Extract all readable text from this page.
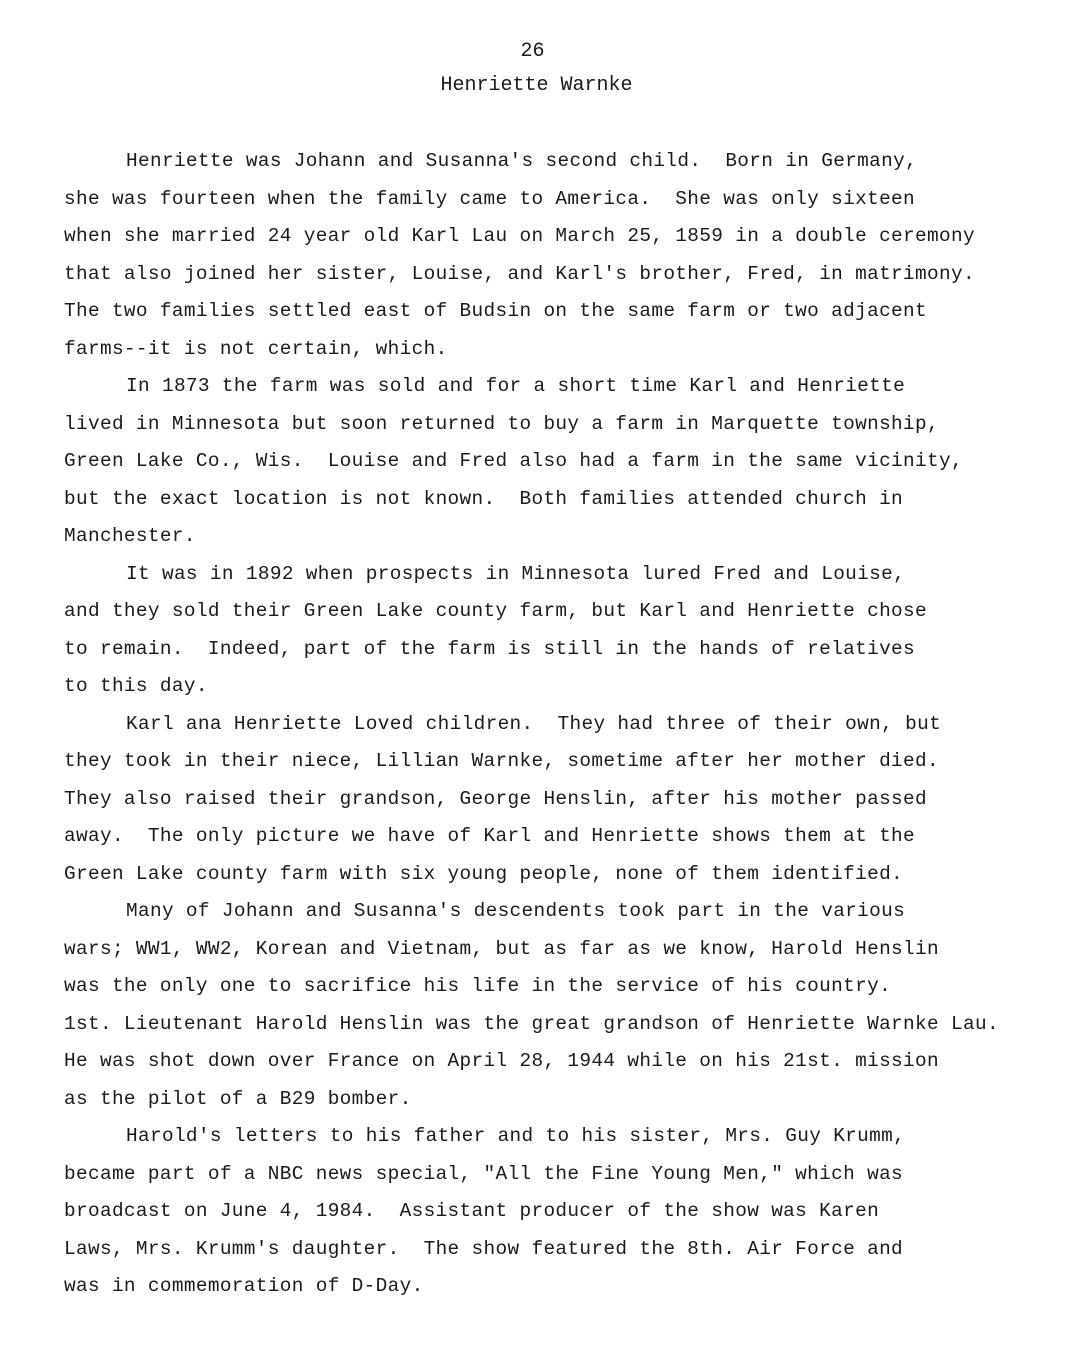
26
Henriette Warnke
Henriette was Johann and Susanna's second child.  Born in Germany,
she was fourteen when the family came to America.  She was only sixteen
when she married 24 year old Karl Lau on March 25, 1859 in a double ceremony
that also joined her sister, Louise, and Karl's brother, Fred, in matrimony.
The two families settled east of Budsin on the same farm or two adjacent
farms--it is not certain, which.
In 1873 the farm was sold and for a short time Karl and Henriette
lived in Minnesota but soon returned to buy a farm in Marquette township,
Green Lake Co., Wis.  Louise and Fred also had a farm in the same vicinity,
but the exact location is not known.  Both families attended church in
Manchester.
It was in 1892 when prospects in Minnesota lured Fred and Louise,
and they sold their Green Lake county farm, but Karl and Henriette chose
to remain.  Indeed, part of the farm is still in the hands of relatives
to this day.
Karl ana Henriette Loved children.  They had three of their own, but
they took in their niece, Lillian Warnke, sometime after her mother died.
They also raised their grandson, George Henslin, after his mother passed
away.  The only picture we have of Karl and Henriette shows them at the
Green Lake county farm with six young people, none of them identified.
Many of Johann and Susanna's descendents took part in the various
wars; WW1, WW2, Korean and Vietnam, but as far as we know, Harold Henslin
was the only one to sacrifice his life in the service of his country.
1st. Lieutenant Harold Henslin was the great grandson of Henriette Warnke Lau.
He was shot down over France on April 28, 1944 while on his 21st. mission
as the pilot of a B29 bomber.
Harold's letters to his father and to his sister, Mrs. Guy Krumm,
became part of a NBC news special, "All the Fine Young Men," which was
broadcast on June 4, 1984.  Assistant producer of the show was Karen
Laws, Mrs. Krumm's daughter.  The show featured the 8th. Air Force and
was in commemoration of D-Day.
